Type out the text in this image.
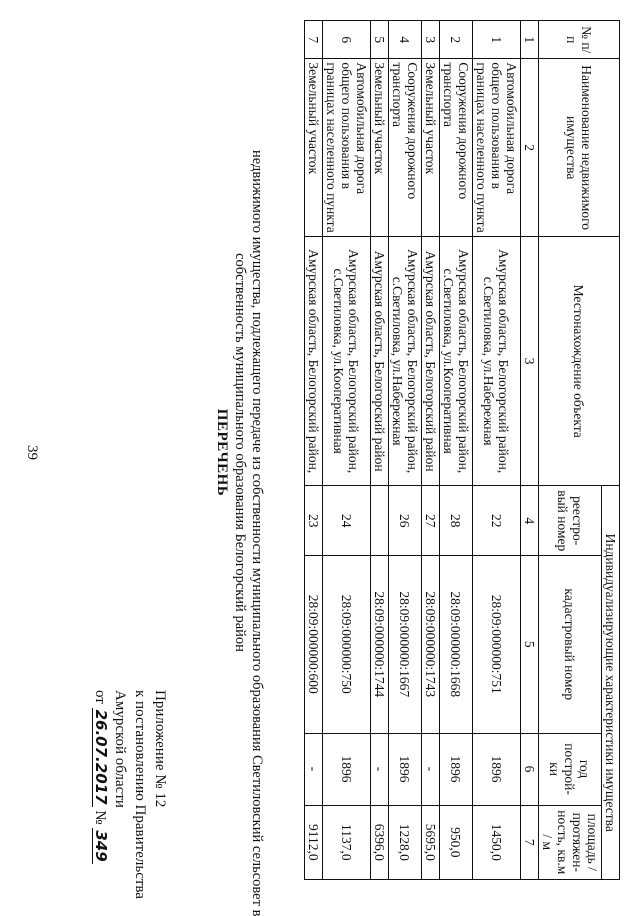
39
Приложение № 12
к постановлению Правительства
Амурской области
от 26.07.2017 № 349
ПЕРЕЧЕНЬ недвижимого имущества, подлежащего передаче из собственности муниципального образования Светиловский сельсовет в
собственность муниципального образования Белогорский район
№ п/п	Наименование недвижимого имущества	Местонахождение объекта	Индивидуализирующие характеристики имущества			
			реестро-вый номер	кадастровый номер	год построй-ки	площадь / протяжен-ность, кв.м / м
1	2	3	4	5	6	7
1	Автомобильная дорога общего пользования в границах населенного пункта	Амурская область, Белогорский район, с.Светиловка, ул.Набережная	22	28:09:000000:751	1896	1450,0
2	Сооружения дорожного транспорта	Амурская область, Белогорский район, с.Светиловка, ул.Кооперативная	28	28:09:000000:1668	1896	950,0
3	Земельный участок	Амурская область, Белогорский район	27	28:09:000000:1743	-	5695,0
4	Сооружения дорожного транспорта	Амурская область, Белогорский район, с.Светиловка, ул.Набережная	26	28:09:000000:1667	1896	1228,0
5	Земельный участок	Амурская область, Белогорский район		28:09:000000:1744	-	6396,0
6	Автомобильная дорога общего пользования в границах населенного пункта	Амурская область, Белогорский район, с.Светиловка, ул.Кооперативная	24	28:09:000000:750	1896	1137,0
7	Земельный участок	Амурская область, Белогорский район,	23	28:09:000000:600	-	9112,0
